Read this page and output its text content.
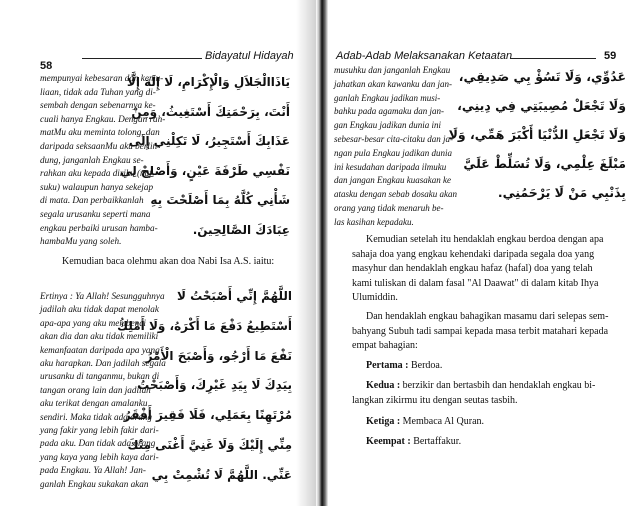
58
Bidayatul Hidayah
mempunyai kebesaran dan kemu-
liaan, tidak ada Tuhan yang di-
sembah dengan sebenarnya ke-
cuali hanya Engkau. Dengan rah-
matMu aku meminta tolong, dan
daripada seksaanMu aku berlin-
dung, janganlah Engkau se-
rahkan aku kepada diriku (naf-
suku) walaupun hanya sekejap
di mata. Dan perbaikkanlah
segala urusanku seperti mana
engkau perbaiki urusan hamba-
hambaMu yang soleh.
يَاذَاالْجَلاَلِ وَالْإِكْرَامِ، لَا إِلَهَ إِلَّا
أَنْتَ، بِرَحْمَتِكَ أَسْتَغِيثُ، وَمِنْ
عَذَابِكَ أَسْتَجِيرُ، لَا تَكِلْنِي إِلَى
نَفْسِي طَرْفَةَ عَيْنٍ، وَأَصْلِحْ لِي
شَأْنِي كُلَّهُ بِمَا أَصْلَحْتَ بِهِ
عِبَادَكَ الصَّالِحِينَ.
Kemudian baca olehmu akan doa Nabi Isa A.S. iaitu:
Ertinya : Ya Allah! Sesungguhnya
jadilah aku tidak dapat menolak
apa-apa yang aku membenci
akan dia dan aku tidak memiliki
kemanfaatan daripada apa yang
aku harapkan. Dan jadilah segala
urusanku di tanganmu, bukan di
tangan orang lain dan jadilah
aku terikat dengan amalanku
sendiri. Maka tidak ada orang
yang fakir yang lebih fakir dari-
pada aku. Dan tidak ada orang
yang kaya yang lebih kaya dari-
pada Engkau. Ya Allah! Jan-
ganlah Engkau sukakan akan
اللَّهُمَّ إِنِّي أَصْبَحْتُ لَا
أَسْتَطِيعُ دَفْعَ مَا أَكْرَهُ، وَلَا أَمْلِكُ
نَفْعَ مَا أَرْجُو، وَأَصْبَحَ الْأَمْرُ
بِيَدِكَ لَا بِيَدِ غَيْرِكَ، وَأَصْبَحْتُ
مُرْتَهِنًا بِعَمَلِي، فَلَا فَقِيرَ أَفْقَرُ
مِنِّي إِلَيْكَ وَلَا غَنِيَّ أَغْنَى مِنْكَ
عَنِّي. اللَّهُمَّ لَا تُشْمِتْ بِي
Adab-Adab Melaksanakan Ketaatan	59
musuhku dan janganlah Engkau
jahatkan akan kawanku dan jan-
ganlah Engkau jadikan musi-
bahku pada agamaku dan jan-
gan Engkau jadikan dunia ini
sebesar-besar cita-citaku dan ja-
ngan pula Engkau jadikan dunia
ini kesudahan daripada ilmuku
dan jangan Engkau kuasakan ke
atasku dengan sebab dosaku akan
orang yang tidak menaruh be-
las kasihan kepadaku.
عَدُوِّي، وَلَا تَسُؤْ بِي صَدِيقِي،
وَلَا تَجْعَلْ مُصِيبَتِي فِي دِينِي،
وَلَا تَجْعَلِ الدُّنْيَا أَكْبَرَ هَمِّي، وَلَا
مَبْلَغَ عِلْمِي، وَلَا تُسَلِّطْ عَلَيَّ
بِذَنْبِي مَنْ لَا يَرْحَمُنِي.
Kemudian setelah itu hendaklah engkau berdoa dengan apa
sahaja doa yang engkau kehendaki daripada segala doa yang
masyhur dan hendaklah engkau hafaz (hafal) doa yang telah
kami tuliskan di dalam fasal "Al Daawat" di dalam kitab Ihya
Ulumiddin.
Dan hendaklah engkau bahagikan masamu dari selepas sem-
bahyang Subuh tadi sampai kepada masa terbit matahari kepada
empat bahagian:
Pertama : Berdoa.
Kedua : berzikir dan bertasbih dan hendaklah engkau bi-
langkan zikirmu itu dengan seutas tasbih.
Ketiga : Membaca Al Quran.
Keempat : Bertaffakur.
